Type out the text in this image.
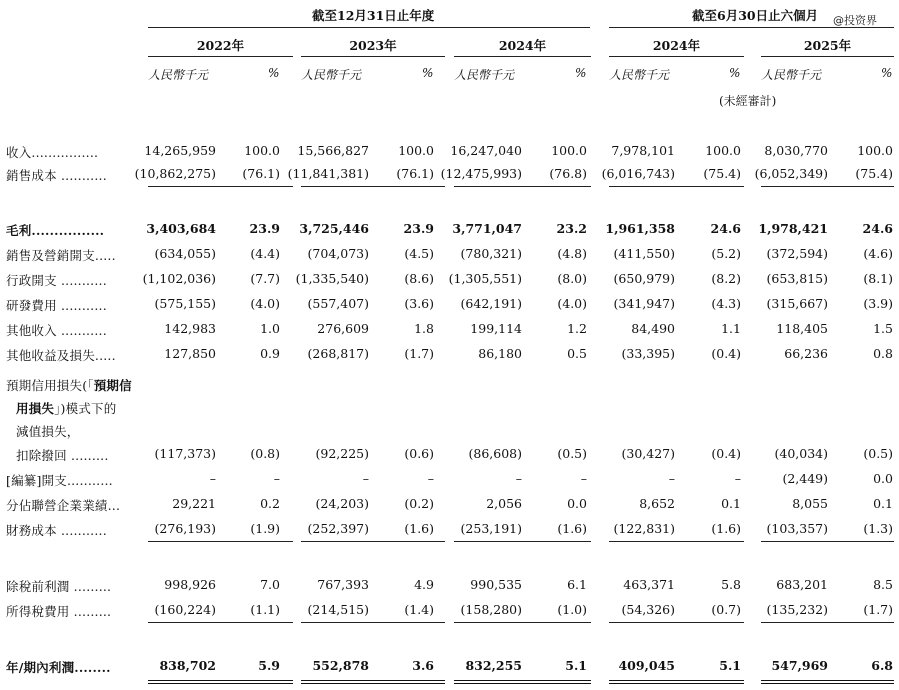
@投资界
截至12月31日止年度	截至6月30日止六個月
2022年	2023年	2024年	2024年	2025年
人民幣千元	% 人民幣千元	% 人民幣千元	% 人民幣千元	% 人民幣千元	%
(未經審計)
收入................	14,265,959	100.0	15,566,827	100.0	16,247,040	100.0	7,978,101	100.0	8,030,770	100.0
銷售成本 ...........	(10,862,275)	(76.1) (11,841,381)	(76.1) (12,475,993)	(76.8)	(6,016,743)	(75.4)	(6,052,349)	(75.4)
毛利................	3,403,684	23.9	3,725,446	23.9	3,771,047	23.2	1,961,358	24.6	1,978,421	24.6
銷售及營銷開支.....	(634,055)	(4.4)	(704,073)	(4.5)	(780,321)	(4.8)	(411,550)	(5.2)	(372,594)	(4.6)
行政開支 ...........	(1,102,036)	(7.7)	(1,335,540)	(8.6)	(1,305,551)	(8.0)	(650,979)	(8.2)	(653,815)	(8.1)
研發費用 ...........	(575,155)	(4.0)	(557,407)	(3.6)	(642,191)	(4.0)	(341,947)	(4.3)	(315,667)	(3.9)
其他收入 ...........	142,983	1.0	276,609	1.8	199,114	1.2	84,490	1.1	118,405	1.5
其他收益及損失.....	127,850	0.9	(268,817)	(1.7)	86,180	0.5	(33,395)	(0.4)	66,236	0.8
扣除撥回 .........	(117,373)	(0.8)	(92,225)	(0.6)	(86,608)	(0.5)	(30,427)	(0.4)	(40,034)	(0.5)
[編纂]開支...........	–	–	–	–	–	–	–	–	(2,449)	0.0
分佔聯營企業業績...	29,221	0.2	(24,203)	(0.2)	2,056	0.0	8,652	0.1	8,055	0.1
財務成本 ...........	(276,193)	(1.9)	(252,397)	(1.6)	(253,191)	(1.6)	(122,831)	(1.6)	(103,357)	(1.3)
除稅前利潤 .........	998,926	7.0	767,393	4.9	990,535	6.1	463,371	5.8	683,201	8.5
所得稅費用 .........	(160,224)	(1.1)	(214,515)	(1.4)	(158,280)	(1.0)	(54,326)	(0.7)	(135,232)	(1.7)
年/期內利潤........	838,702	5.9	552,878	3.6	832,255	5.1	409,045	5.1	547,969	6.8
預期信用損失(「預期信
用損失」)模式下的
減值損失，
